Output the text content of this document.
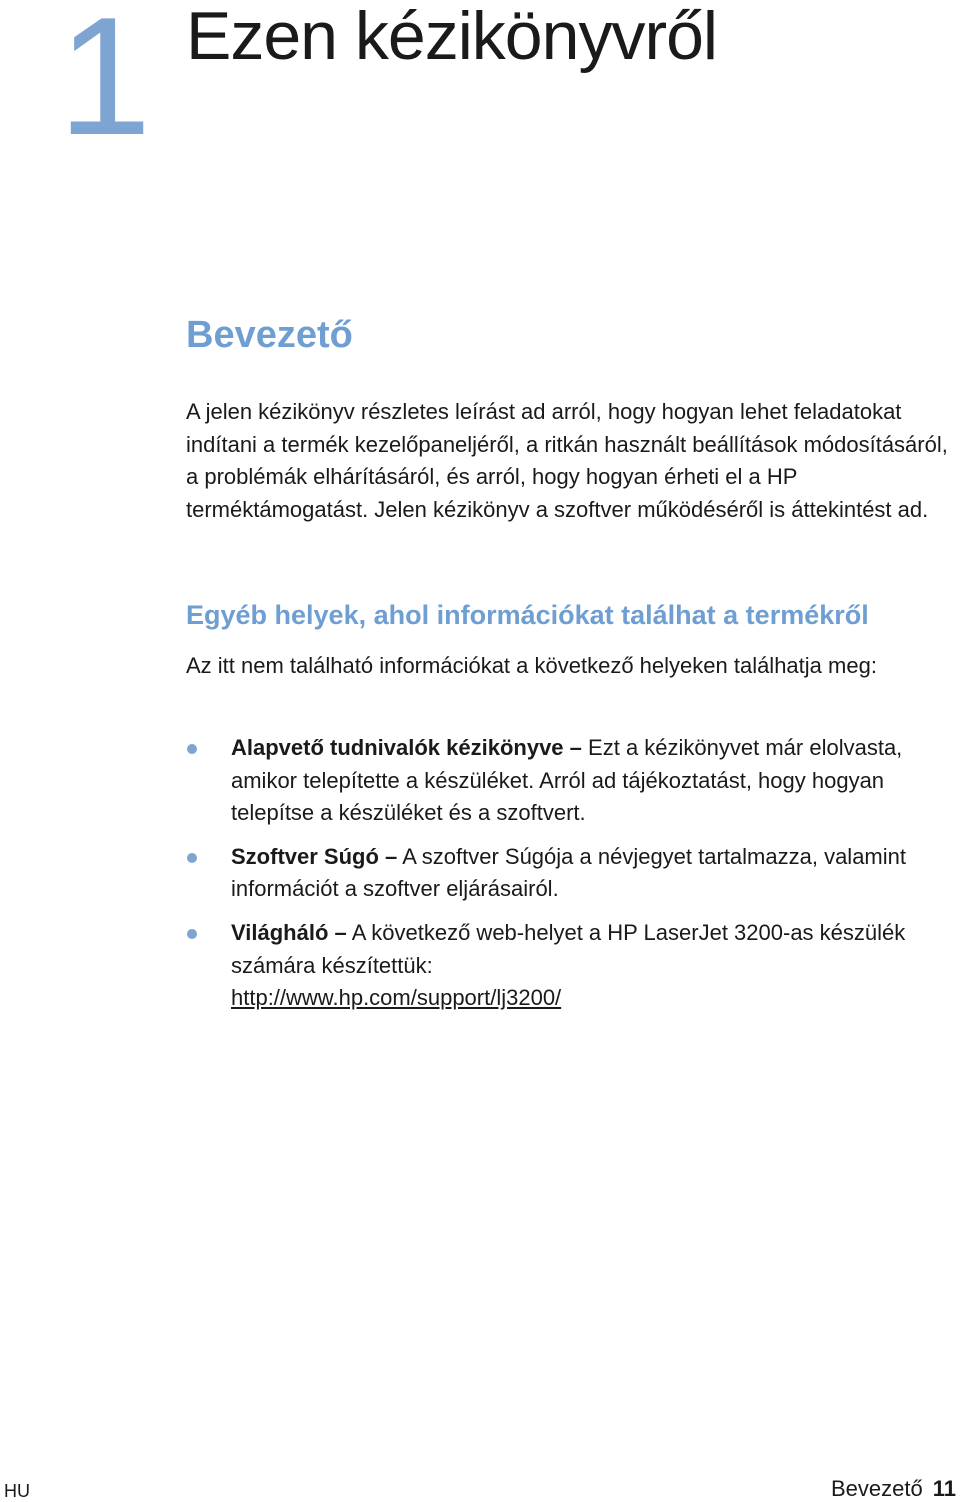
1 Ezen kézikönyvről
Bevezető

A jelen kézikönyv részletes leírást ad arról, hogy hogyan lehet feladatokat indítani a termék kezelőpaneljéről, a ritkán használt beállítások módosításáról, a problémák elhárításáról, és arról, hogy hogyan érheti el a HP terméktámogatást. Jelen kézikönyv a szoftver működéséről is áttekintést ad.

Egyéb helyek, ahol információkat találhat a termékről

Az itt nem található információkat a következő helyeken találhatja meg:

Alapvető tudnivalók kézikönyve – Ezt a kézikönyvet már elolvasta, amikor telepítette a készüléket. Arról ad tájékoztatást, hogy hogyan telepítse a készüléket és a szoftvert.
Szoftver Súgó – A szoftver Súgója a névjegyet tartalmazza, valamint információt a szoftver eljárásairól.
Világháló – A következő web-helyet a HP LaserJet 3200-as készülék számára készítettük:
http://www.hp.com/support/lj3200/
HU	Bevezető 11
